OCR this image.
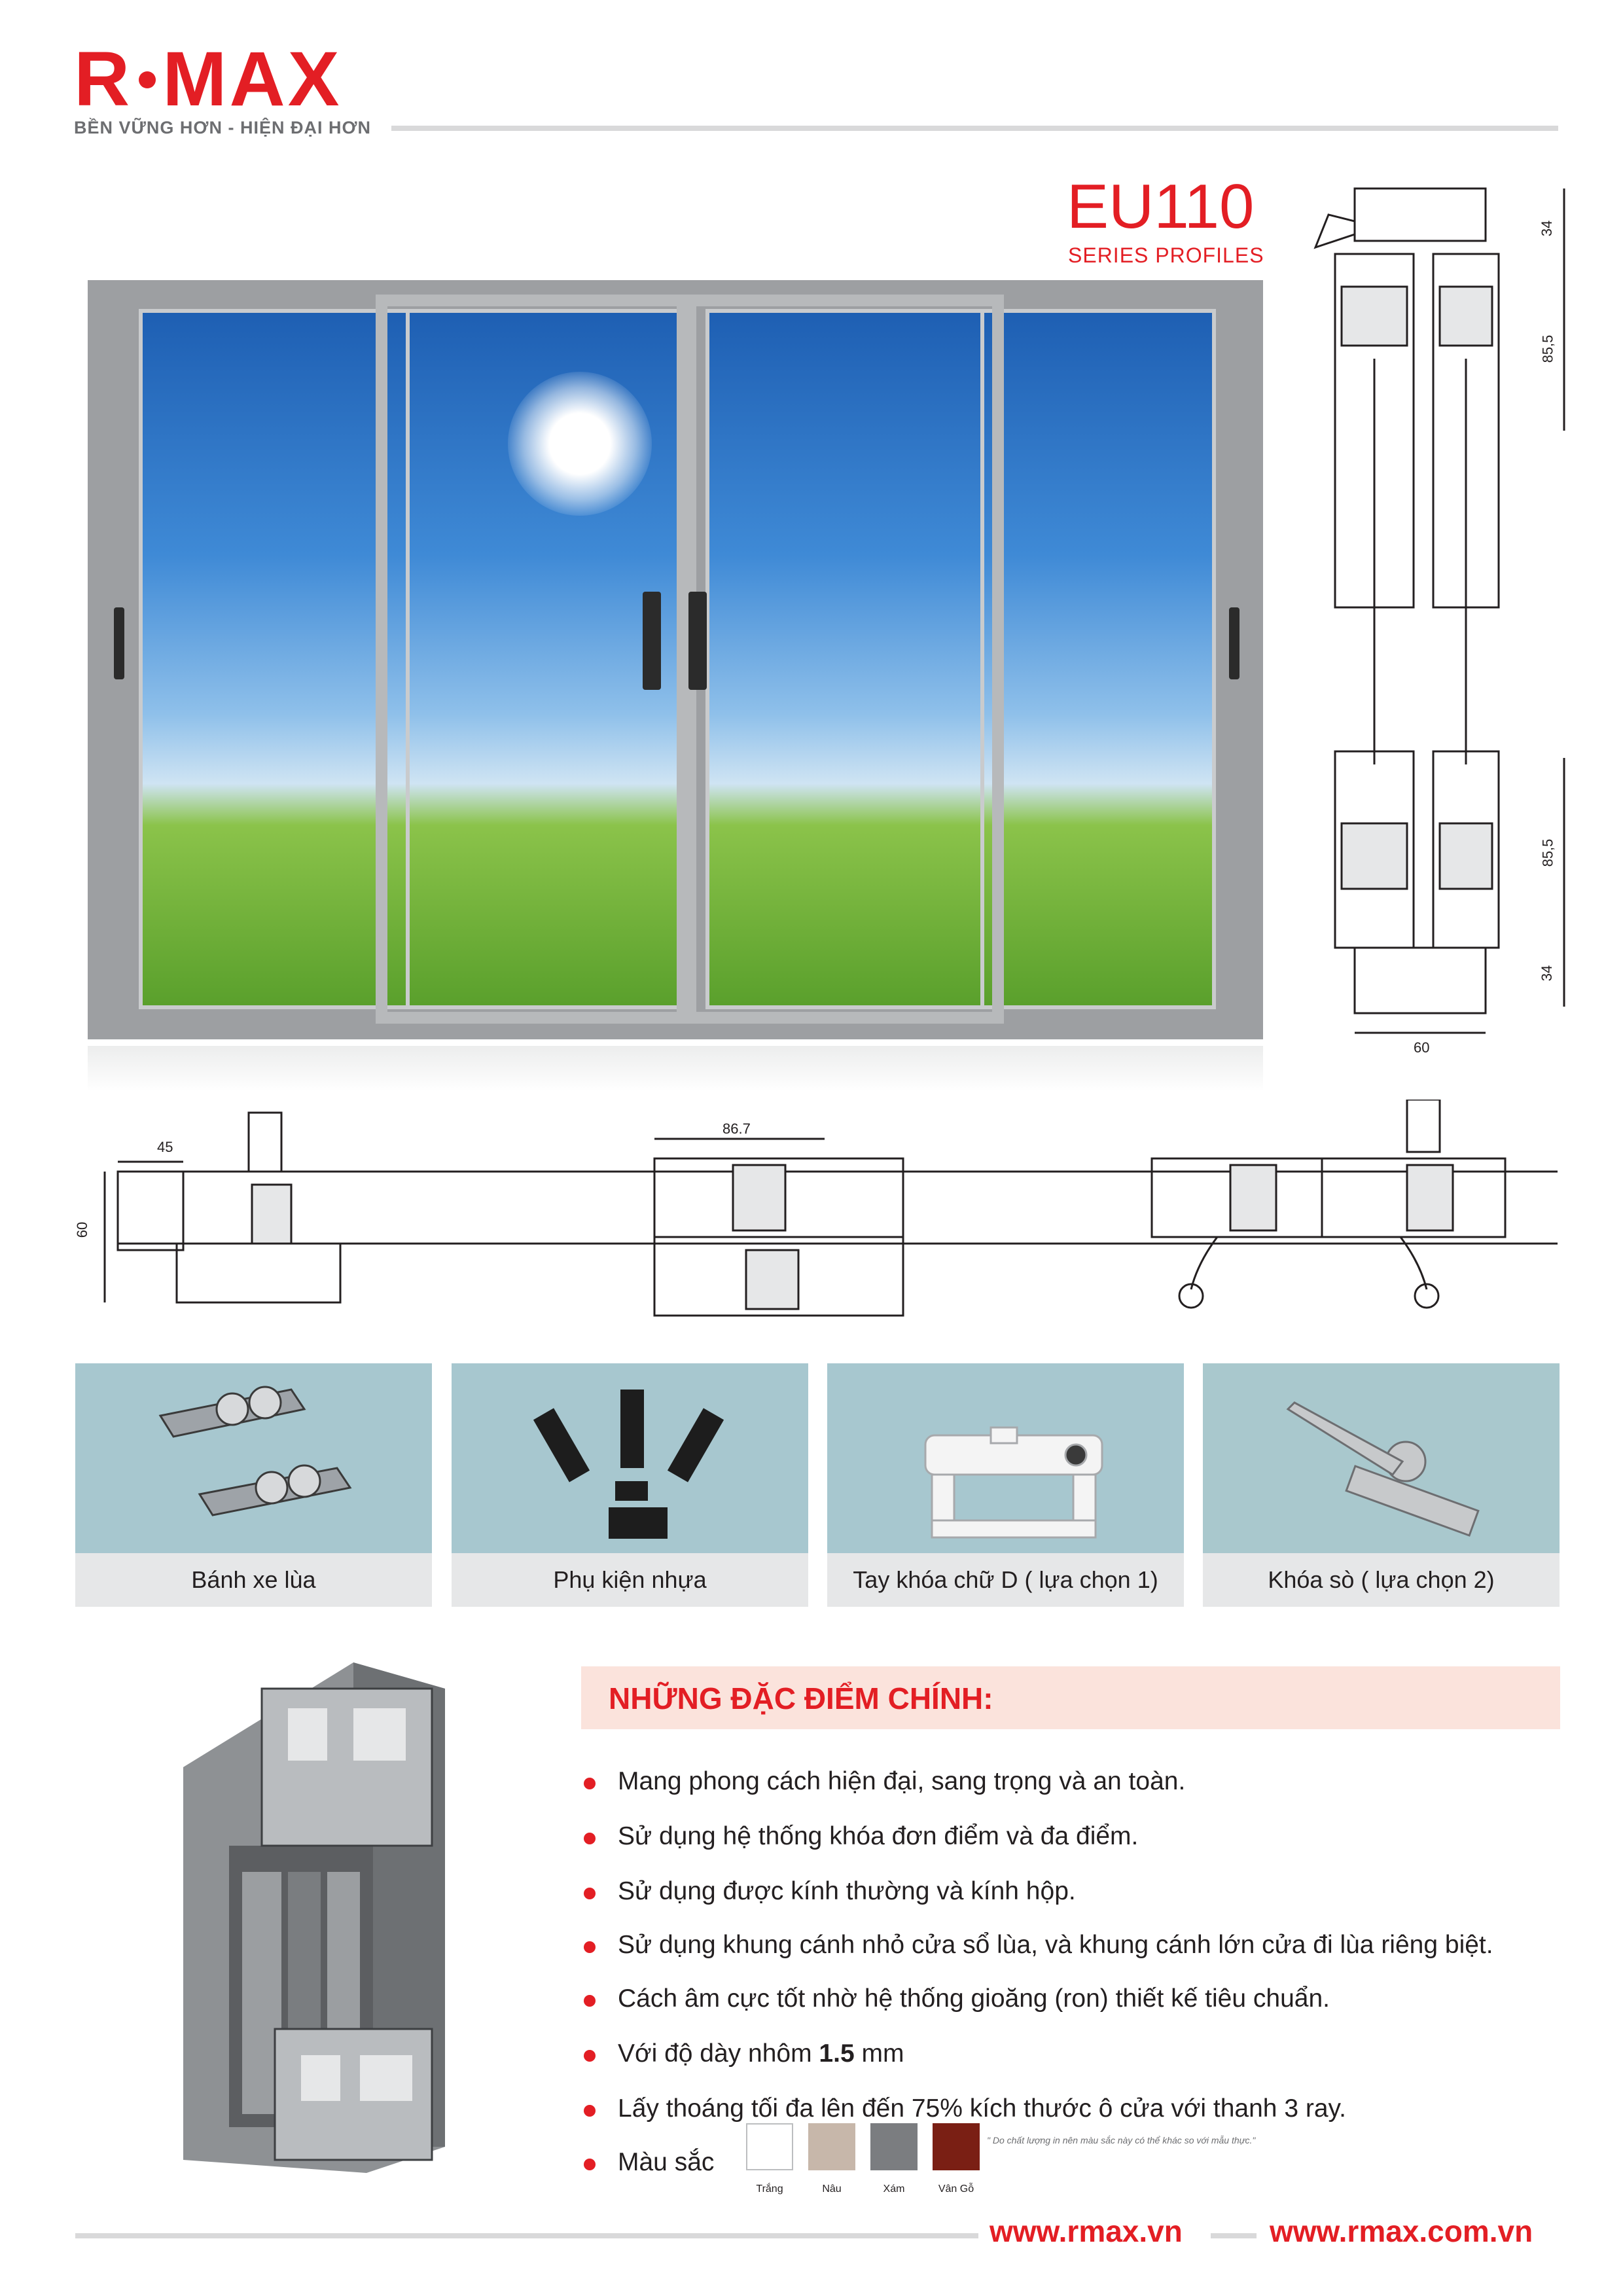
R MAX
BỀN VỮNG HƠN - HIỆN ĐẠI HƠN
EU110
SERIES PROFILES
34
85,5
85,5
34
60
45
60
86.7
Bánh xe lùa	Phụ kiện nhựa	Tay khóa chữ D ( lựa chọn 1)	Khóa sò ( lựa chọn 2)
NHỮNG ĐẶC ĐIỂM CHÍNH:
Mang phong cách hiện đại, sang trọng và an toàn.
Sử dụng hệ thống khóa đơn điểm và đa điểm.
Sử dụng được kính thường và kính hộp.
Sử dụng khung cánh nhỏ cửa sổ lùa, và khung cánh lớn cửa đi lùa riêng biệt.
Cách âm cực tốt nhờ hệ thống gioăng (ron) thiết kế tiêu chuẩn.
Với độ dày nhôm 1.5 mm
Lấy thoáng tối đa lên đến 75% kích thước ô cửa với thanh 3 ray.
Màu sắc
Trắng	Nâu	Xám	Vân Gỗ
" Do chất lượng in nên màu sắc này có thể khác so với mẫu thực."
www.rmax.vn	www.rmax.com.vn
